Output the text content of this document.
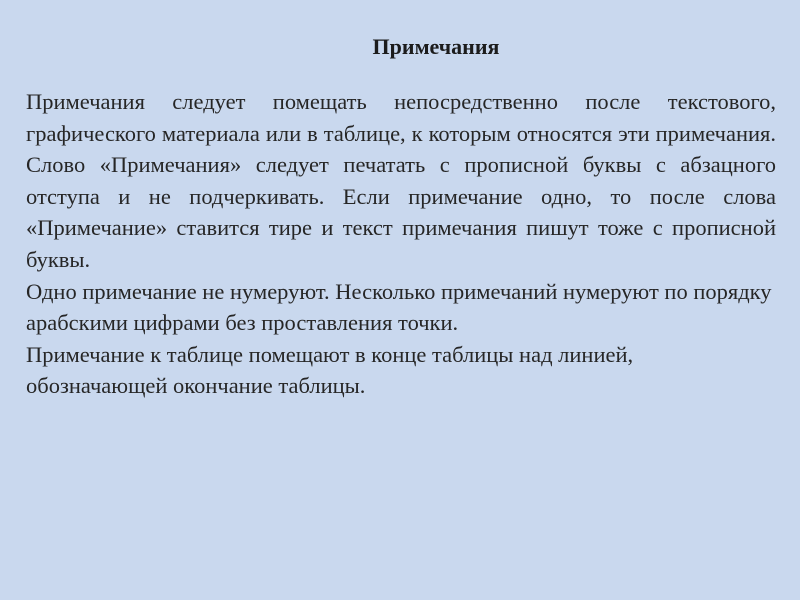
Примечания

Примечания следует помещать непосредственно после текстового, графического материала или в таблице, к которым относятся эти примечания. Слово «Примечания» следует печатать с прописной буквы с абзацного отступа и не подчеркивать. Если примечание одно, то после слова «Примечание» ставится тире и текст примечания пишут тоже с прописной буквы.

Одно примечание не нумеруют. Несколько примечаний нумеруют по порядку арабскими цифрами без проставления точки.

Примечание к таблице помещают в конце таблицы над линией, обозначающей окончание таблицы.
